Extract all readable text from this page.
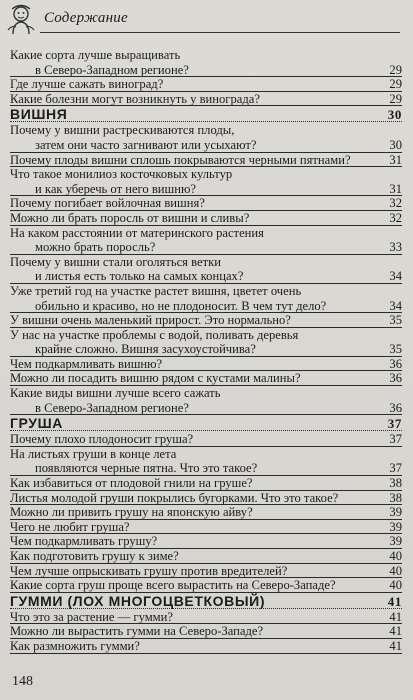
Содержание
Какие сорта лучше выращивать
в Северо-Западном регионе?	29
Где лучше сажать виноград?	29
Какие болезни могут возникнуть у винограда?	29
ВИШНЯ	30
Почему у вишни растрескиваются плоды,
затем они часто загнивают или усыхают?	30
Почему плоды вишни сплошь покрываются черными пятнами?	31
Что такое монилиоз косточковых культур
и как уберечь от него вишню?	31
Почему погибает войлочная вишня?	32
Можно ли брать поросль от вишни и сливы?	32
На каком расстоянии от материнского растения
можно брать поросль?	33
Почему у вишни стали оголяться ветки
и листья есть только на самых концах?	34
Уже третий год на участке растет вишня, цветет очень
обильно и красиво, но не плодоносит. В чем тут дело?	34
У вишни очень маленький прирост. Это нормально?	35
У нас на участке проблемы с водой, поливать деревья
крайне сложно. Вишня засухоустойчива?	35
Чем подкармливать вишню?	36
Можно ли посадить вишню рядом с кустами малины?	36
Какие виды вишни лучше всего сажать
в Северо-Западном регионе?	36
ГРУША	37
Почему плохо плодоносит груша?	37
На листьях груши в конце лета
появляются черные пятна. Что это такое?	37
Как избавиться от плодовой гнили на груше?	38
Листья молодой груши покрылись бугорками. Что это такое?	38
Можно ли привить грушу на японскую айву?	39
Чего не любит груша?	39
Чем подкармливать грушу?	39
Как подготовить грушу к зиме?	40
Чем лучше опрыскивать грушу против вредителей?	40
Какие сорта груш проще всего вырастить на Северо-Западе?	40
ГУММИ (ЛОХ МНОГОЦВЕТКОВЫЙ)	41
Что это за растение — гумми?	41
Можно ли вырастить гумми на Северо-Западе?	41
Как размножить гумми?	41
148
